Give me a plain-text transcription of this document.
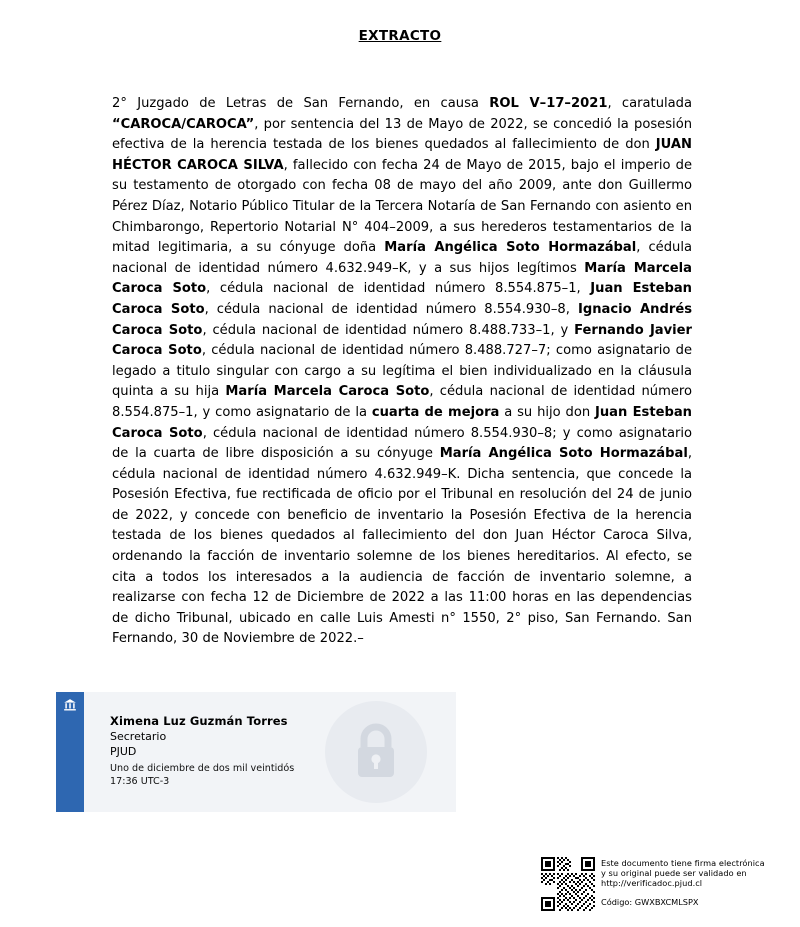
EXTRACTO
2° Juzgado de Letras de San Fernando, en causa ROL V–17–2021, caratulada “CAROCA/CAROCA”, por sentencia del 13 de Mayo de 2022, se concedió la posesión efectiva de la herencia testada de los bienes quedados al fallecimiento de don JUAN HÉCTOR CAROCA SILVA, fallecido con fecha 24 de Mayo de 2015, bajo el imperio de su testamento de otorgado con fecha 08 de mayo del año 2009, ante don Guillermo Pérez Díaz, Notario Público Titular de la Tercera Notaría de San Fernando con asiento en Chimbarongo, Repertorio Notarial N° 404–2009, a sus herederos testamentarios de la mitad legitimaria, a su cónyuge doña María Angélica Soto Hormazábal, cédula nacional de identidad número 4.632.949–K, y a sus hijos legítimos María Marcela Caroca Soto, cédula nacional de identidad número 8.554.875–1, Juan Esteban Caroca Soto, cédula nacional de identidad número 8.554.930–8, Ignacio Andrés Caroca Soto, cédula nacional de identidad número 8.488.733–1, y Fernando Javier Caroca Soto, cédula nacional de identidad número 8.488.727–7; como asignatario de legado a titulo singular con cargo a su legítima el bien individualizado en la cláusula quinta a su hija María Marcela Caroca Soto, cédula nacional de identidad número 8.554.875–1, y como asignatario de la cuarta de mejora a su hijo don Juan Esteban Caroca Soto, cédula nacional de identidad número 8.554.930–8; y como asignatario de la cuarta de libre disposición a su cónyuge María Angélica Soto Hormazábal, cédula nacional de identidad número 4.632.949–K. Dicha sentencia, que concede la Posesión Efectiva, fue rectificada de oficio por el Tribunal en resolución del 24 de junio de 2022, y concede con beneficio de inventario la Posesión Efectiva de la herencia testada de los bienes quedados al fallecimiento del don Juan Héctor Caroca Silva, ordenando la facción de inventario solemne de los bienes hereditarios. Al efecto, se cita a todos los interesados a la audiencia de facción de inventario solemne, a realizarse con fecha 12 de Diciembre de 2022 a las 11:00 horas en las dependencias de dicho Tribunal, ubicado en calle Luis Amesti n° 1550, 2° piso, San Fernando. San Fernando, 30 de Noviembre de 2022.–
Ximena Luz Guzmán Torres
Secretario
PJUD
Uno de diciembre de dos mil veintidós
17:36 UTC-3
Este documento tiene firma electrónica
y su original puede ser validado en
http://verificadoc.pjud.cl
Código: GWXBXCMLSPX
